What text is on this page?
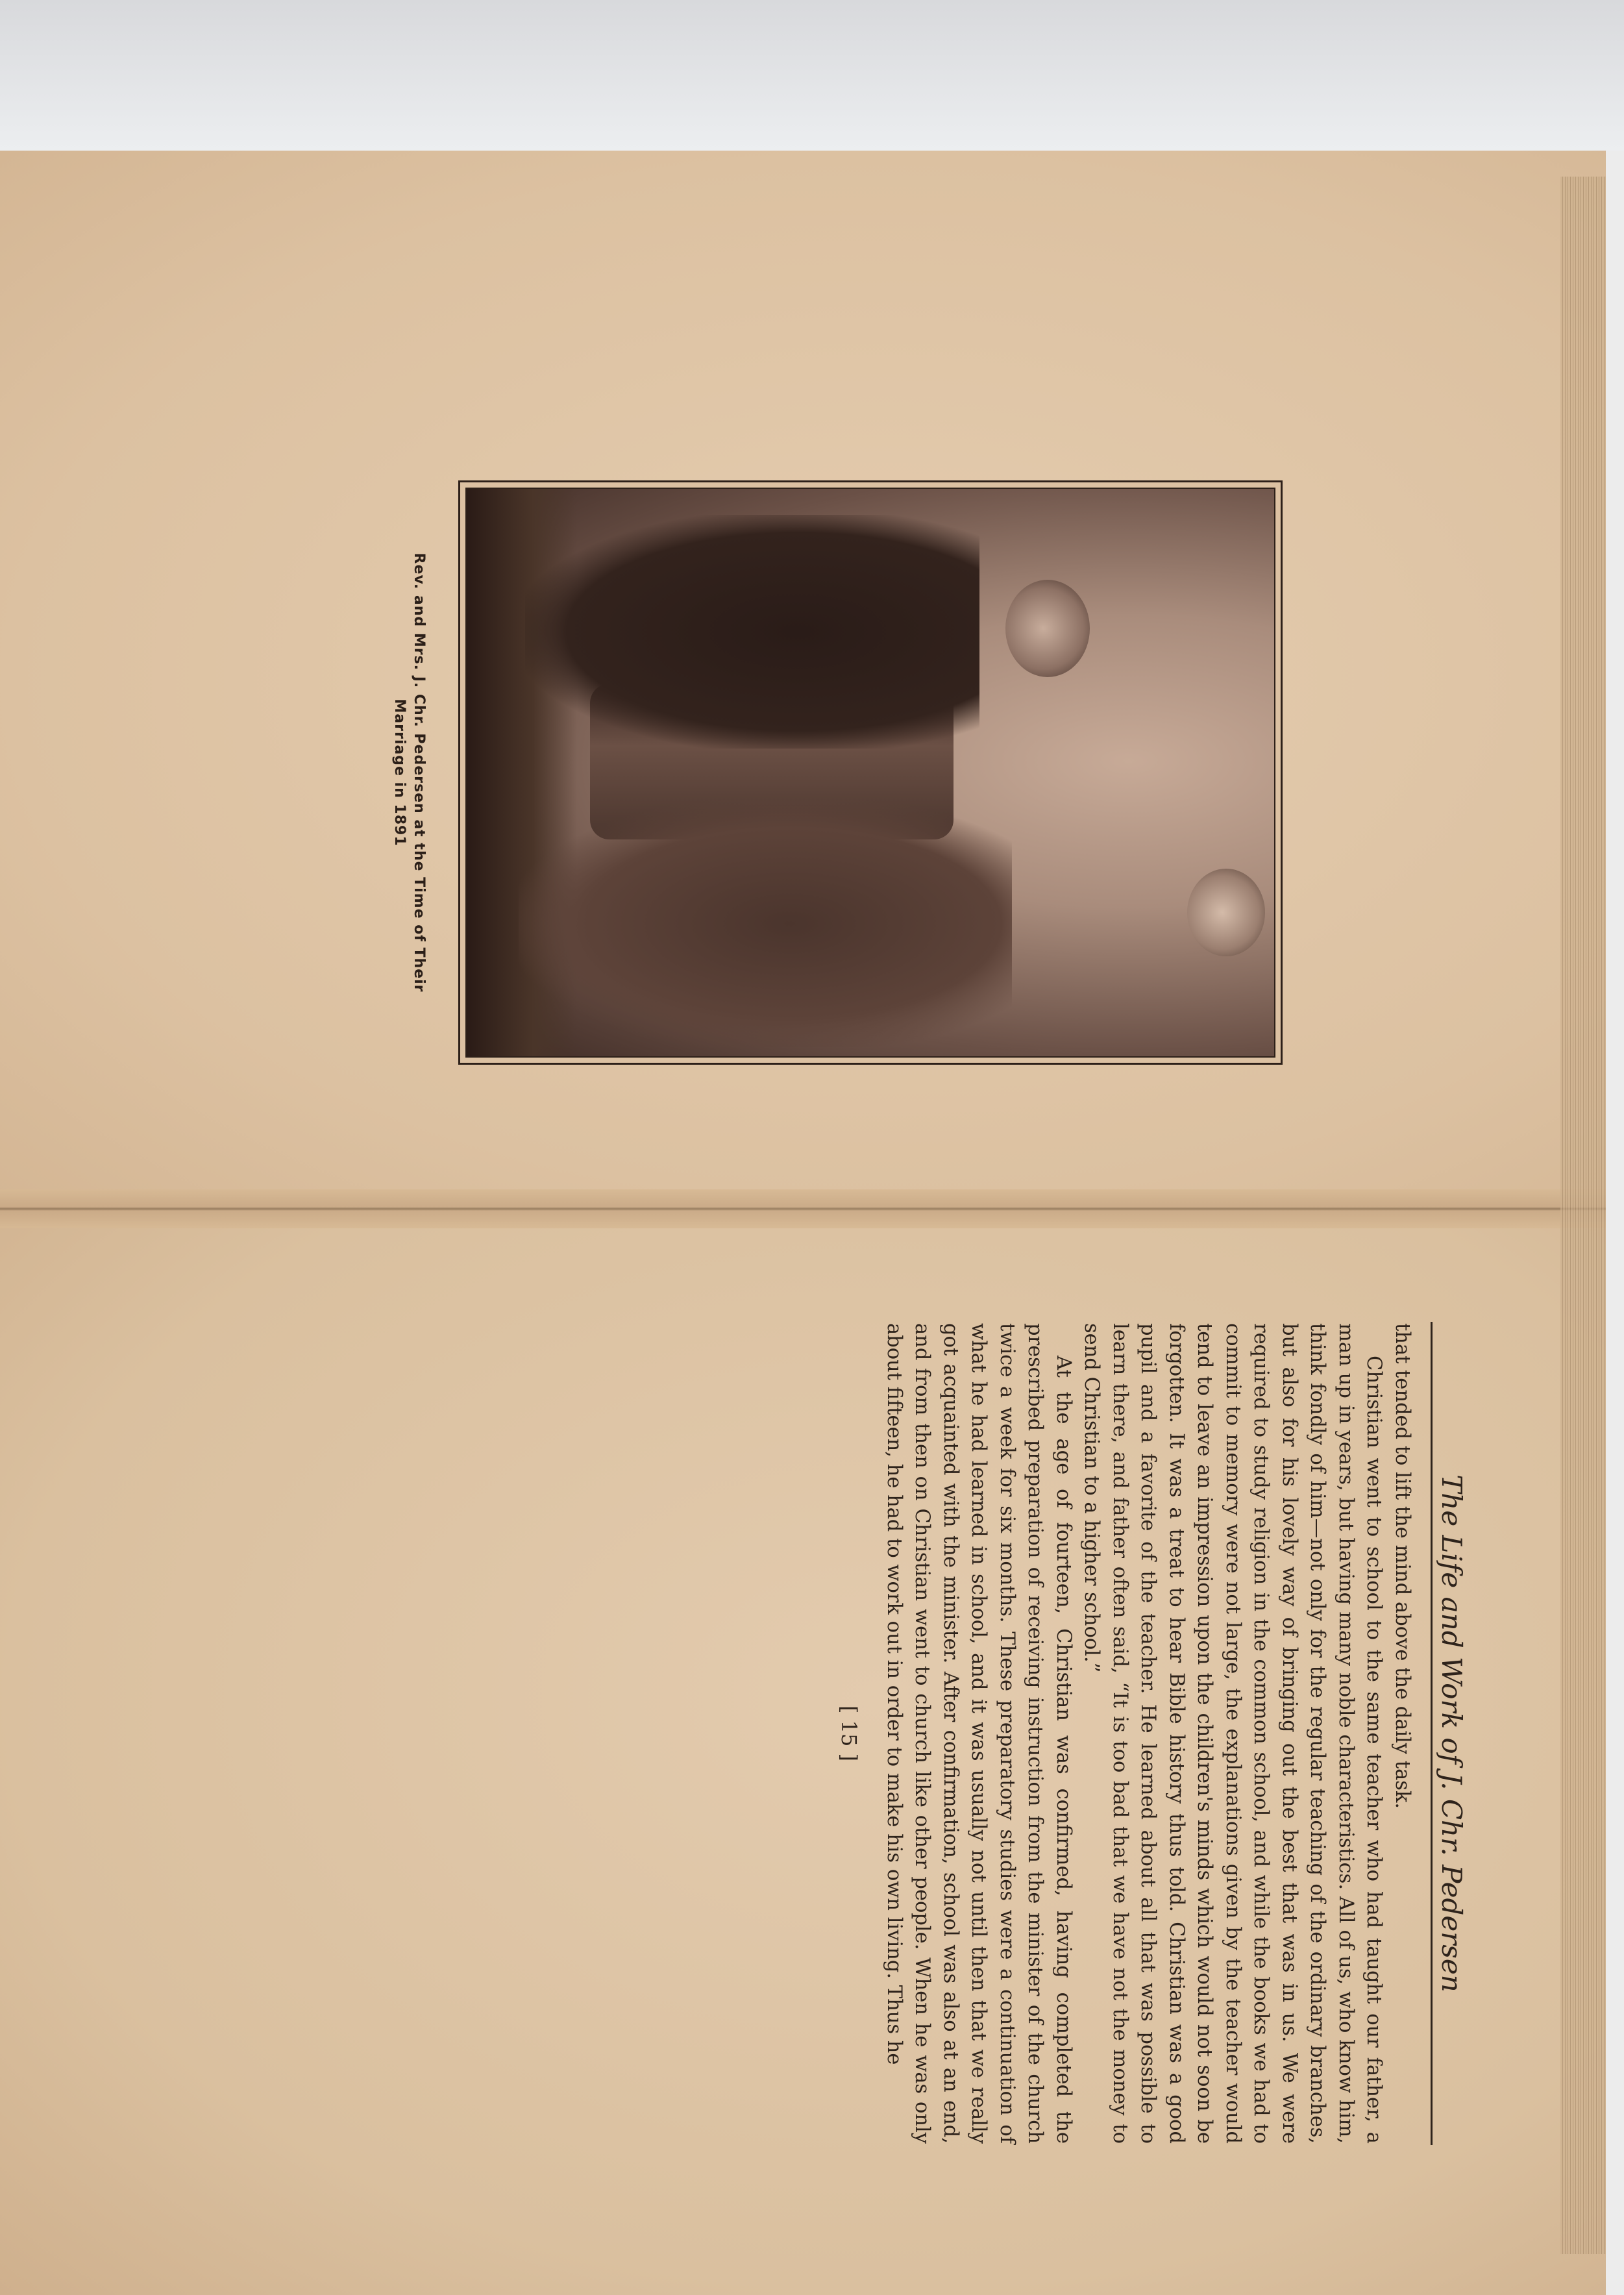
Rev. and Mrs. J. Chr. Pedersen at the Time of Their
Marriage in 1891
The Life and Work of J. Chr. Pedersen

that tended to lift the mind above the daily task.

Christian went to school to the same teacher who had taught our father, a man up in years, but having many noble characteristics. All of us, who know him, think fondly of him—not only for the regular teaching of the ordinary branches, but also for his lovely way of bringing out the best that was in us. We were required to study religion in the common school, and while the books we had to commit to memory were not large, the explanations given by the teacher would tend to leave an impression upon the children's minds which would not soon be forgotten. It was a treat to hear Bible history thus told. Christian was a good pupil and a favorite of the teacher. He learned about all that was possible to learn there, and father often said, “It is too bad that we have not the money to send Christian to a higher school.”

At the age of fourteen, Christian was confirmed, having completed the prescribed preparation of receiving instruction from the minister of the church twice a week for six months. These preparatory studies were a continuation of what he had learned in school, and it was usually not until then that we really got acquainted with the minister. After confirmation, school was also at an end, and from then on Christian went to church like other people. When he was only about fifteen, he had to work out in order to make his own living. Thus he

[ 15 ]
